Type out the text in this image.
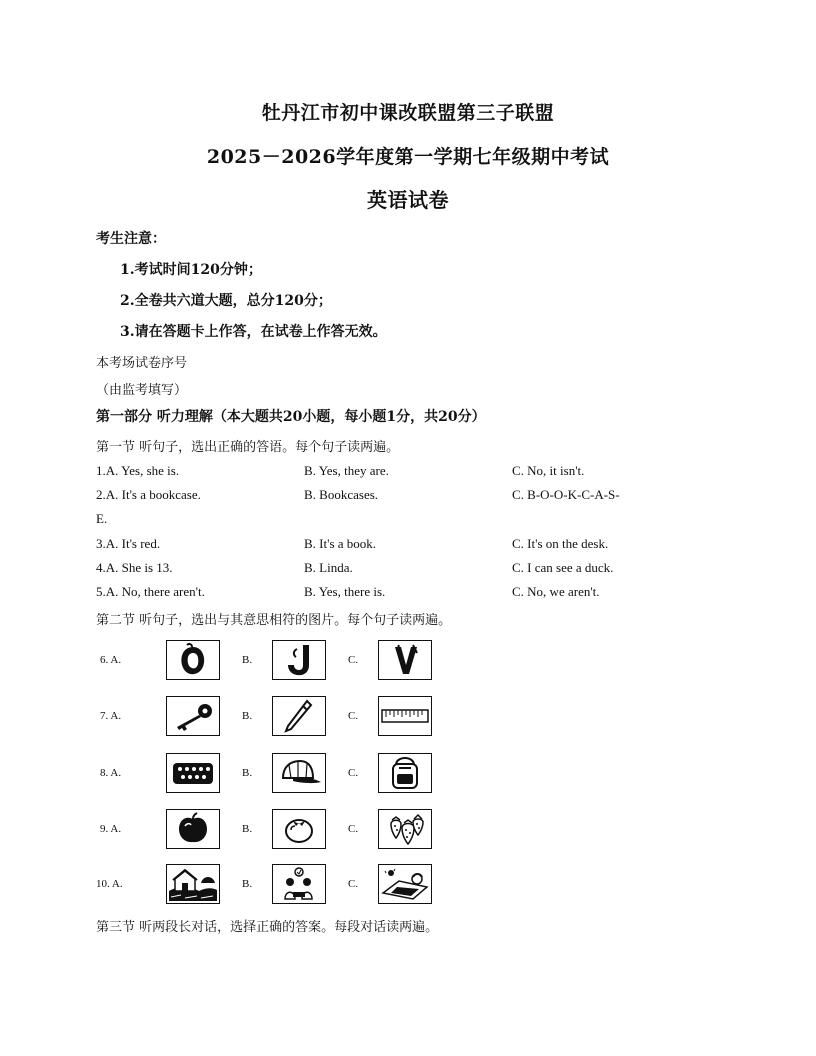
牡丹江市初中课改联盟第三子联盟
2025－2026学年度第一学期七年级期中考试
英语试卷
考生注意：
1.考试时间120分钟；
2.全卷共六道大题，总分120分；
3.请在答题卡上作答，在试卷上作答无效。
本考场试卷序号
（由监考填写）
第一部分 听力理解（本大题共20小题，每小题1分，共20分）
第一节 听句子，选出正确的答语。每个句子读两遍。
1.A. Yes, she is.	B. Yes, they are.	C. No, it isn't.
2.A. It's a bookcase.	B. Bookcases.	C. B-O-O-K-C-A-S-
E.
3.A. It's red.	B. It's a book.	C. It's on the desk.
4.A. She is 13.	B. Linda.	C. I can see a duck.
5.A. No, there aren't.	B. Yes, there is.	C. No, we aren't.
第二节 听句子，选出与其意思相符的图片。每个句子读两遍。
6. A.	B.	C.
7. A.	B.	C.
8. A.	B.	C.
9. A.	B.	C.
10. A.	B.	C.
第三节 听两段长对话，选择正确的答案。每段对话读两遍。
